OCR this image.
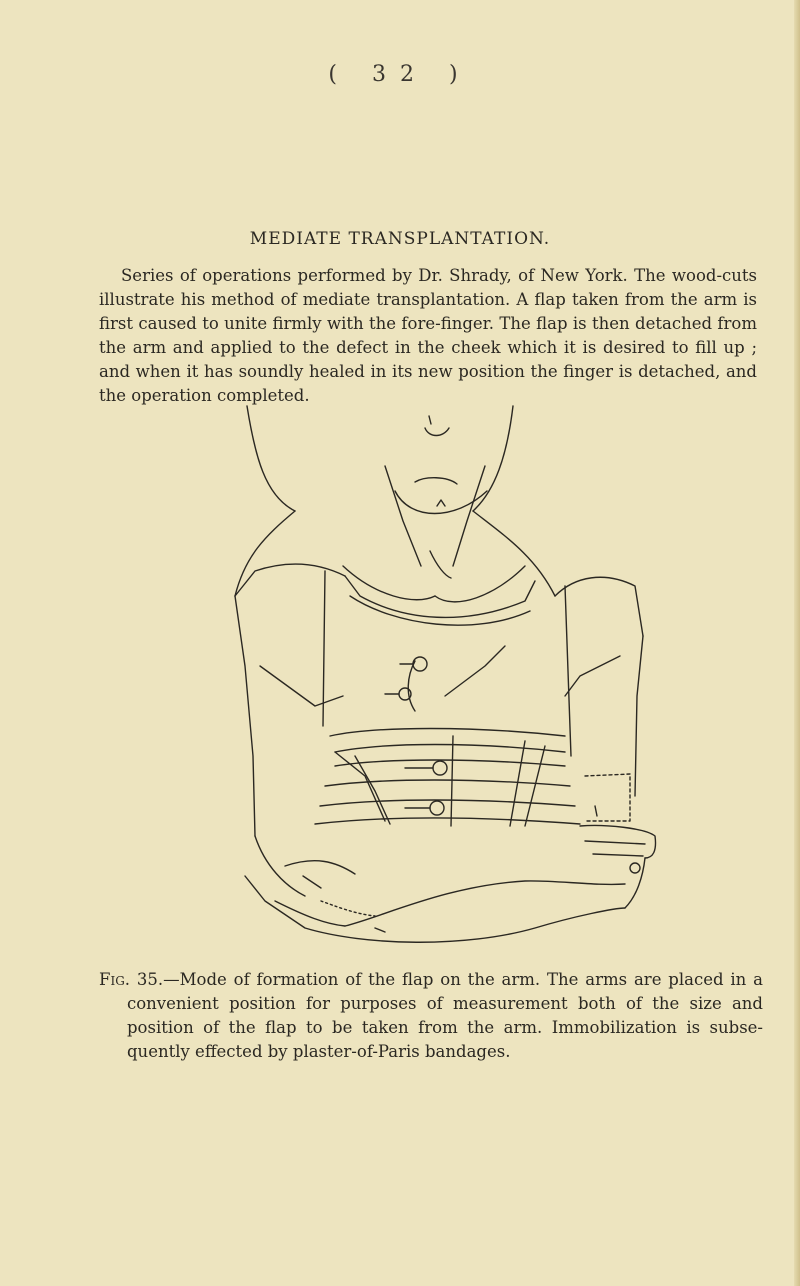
( 32 )
MEDIATE TRANSPLANTATION.

Series of operations performed by Dr. Shrady, of New York. The wood-cuts illustrate his method of mediate transplantation. A flap taken from the arm is first caused to unite firmly with the fore-finger. The flap is then detached from the arm and applied to the defect in the cheek which it is desired to fill up ; and when it has soundly healed in its new position the finger is detached, and the operation completed.

Fig. 35.—Mode of formation of the flap on the arm. The arms are placed in a convenient position for purposes of measurement both of the size and position of the flap to be taken from the arm. Immobilization is subse-quently effected by plaster-of-Paris bandages.
